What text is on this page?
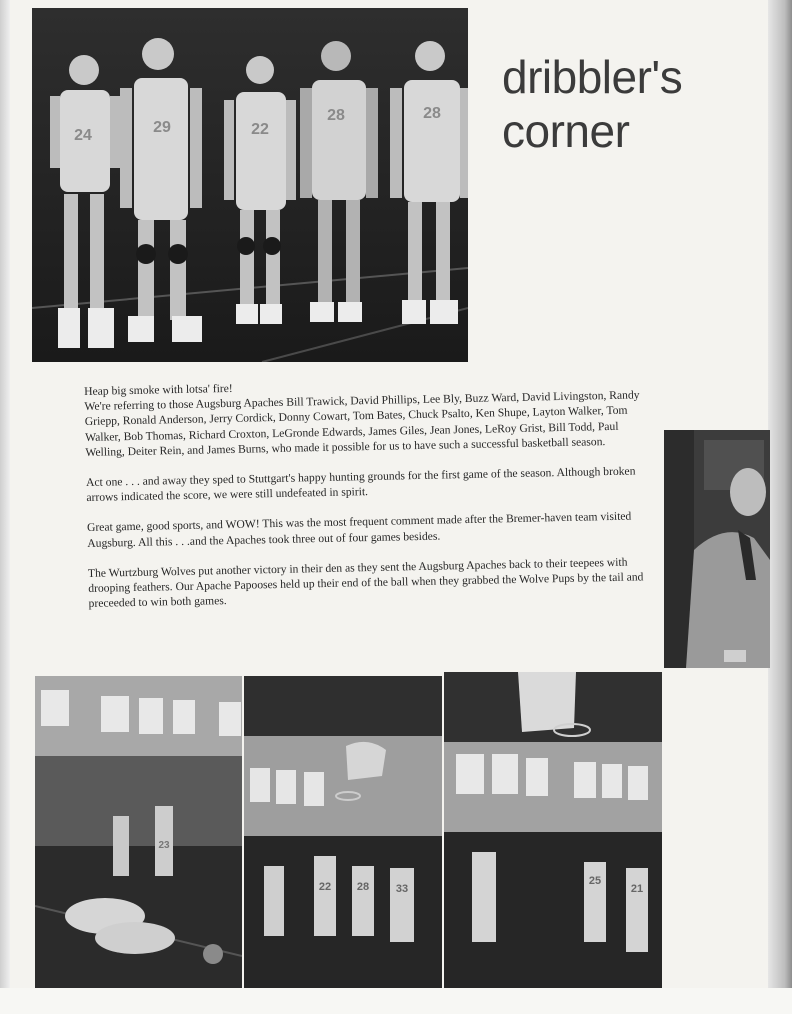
24	29	22
28	28
dribbler's
corner

Heap big smoke with lotsa' fire!
We're referring to those Augsburg Apaches Bill Trawick, David Phillips, Lee Bly, Buzz Ward, David Livingston, Randy Griepp, Ronald Anderson, Jerry Cordick, Donny Cowart, Tom Bates, Chuck Psalto, Ken Shupe, Layton Walker, Tom Walker, Bob Thomas, Richard Croxton, LeGronde Edwards, James Giles, Jean Jones, LeRoy Grist, Bill Todd, Paul Welling, Deiter Rein, and James Burns, who made it possible for us to have such a successful basketball season.

Act one . . . and away they sped to Stuttgart's happy hunting grounds for the first game of the season. Although broken arrows indicated the score, we were still undefeated in spirit.

Great game, good sports, and WOW! This was the most frequent comment made after the Bremer-haven team visited Augsburg. All this . . .and the Apaches took three out of four games besides.

The Wurtzburg Wolves put another victory in their den as they sent the Augsburg Apaches back to their teepees with drooping feathers. Our Apache Papooses held up their end of the ball when they grabbed the Wolve Pups by the tail and preceeded to win both games.

23
22 28 33
25
21
